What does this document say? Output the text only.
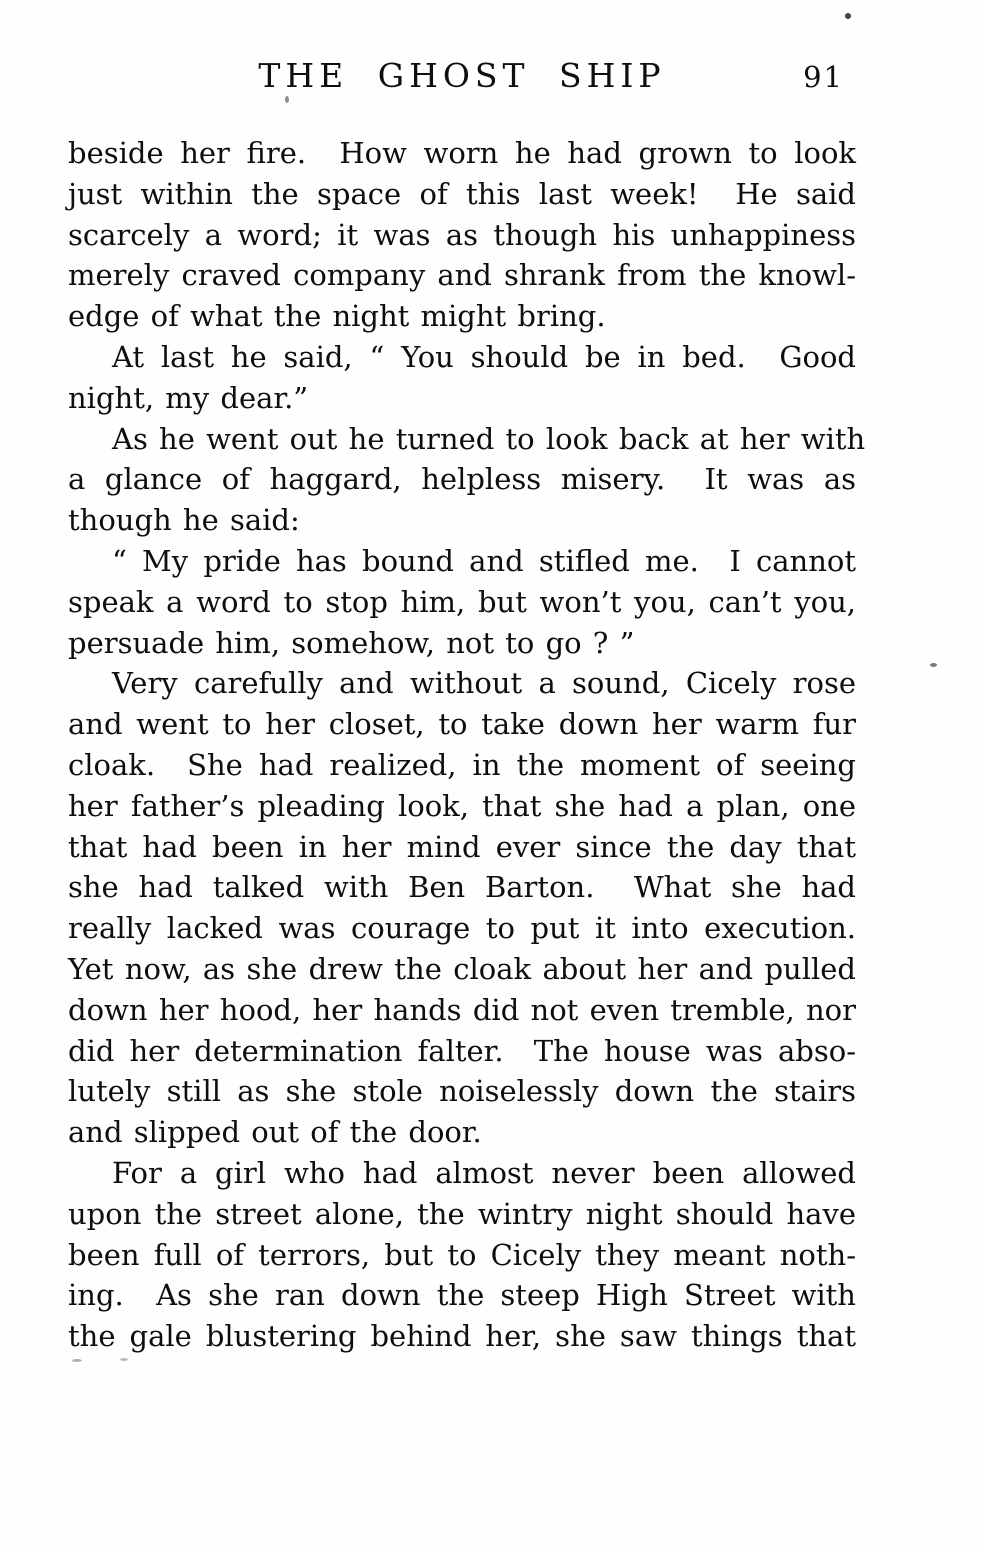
THE GHOST SHIP	91
beside her fire.  How worn he had grown to look
just within the space of this last week!  He said
scarcely a word; it was as though his unhappiness
merely craved company and shrank from the knowl-
edge of what the night might bring.
At last he said, “ You should be in bed.  Good
night, my dear.”
As he went out he turned to look back at her with
a glance of haggard, helpless misery.  It was as
though he said:
“ My pride has bound and stifled me.  I cannot
speak a word to stop him, but won’t you, can’t you,
persuade him, somehow, not to go ? ”
Very carefully and without a sound, Cicely rose
and went to her closet, to take down her warm fur
cloak.  She had realized, in the moment of seeing
her father’s pleading look, that she had a plan, one
that had been in her mind ever since the day that
she had talked with Ben Barton.  What she had
really lacked was courage to put it into execution.
Yet now, as she drew the cloak about her and pulled
down her hood, her hands did not even tremble, nor
did her determination falter.  The house was abso-
lutely still as she stole noiselessly down the stairs
and slipped out of the door.
For a girl who had almost never been allowed
upon the street alone, the wintry night should have
been full of terrors, but to Cicely they meant noth-
ing.  As she ran down the steep High Street with
the gale blustering behind her, she saw things that
